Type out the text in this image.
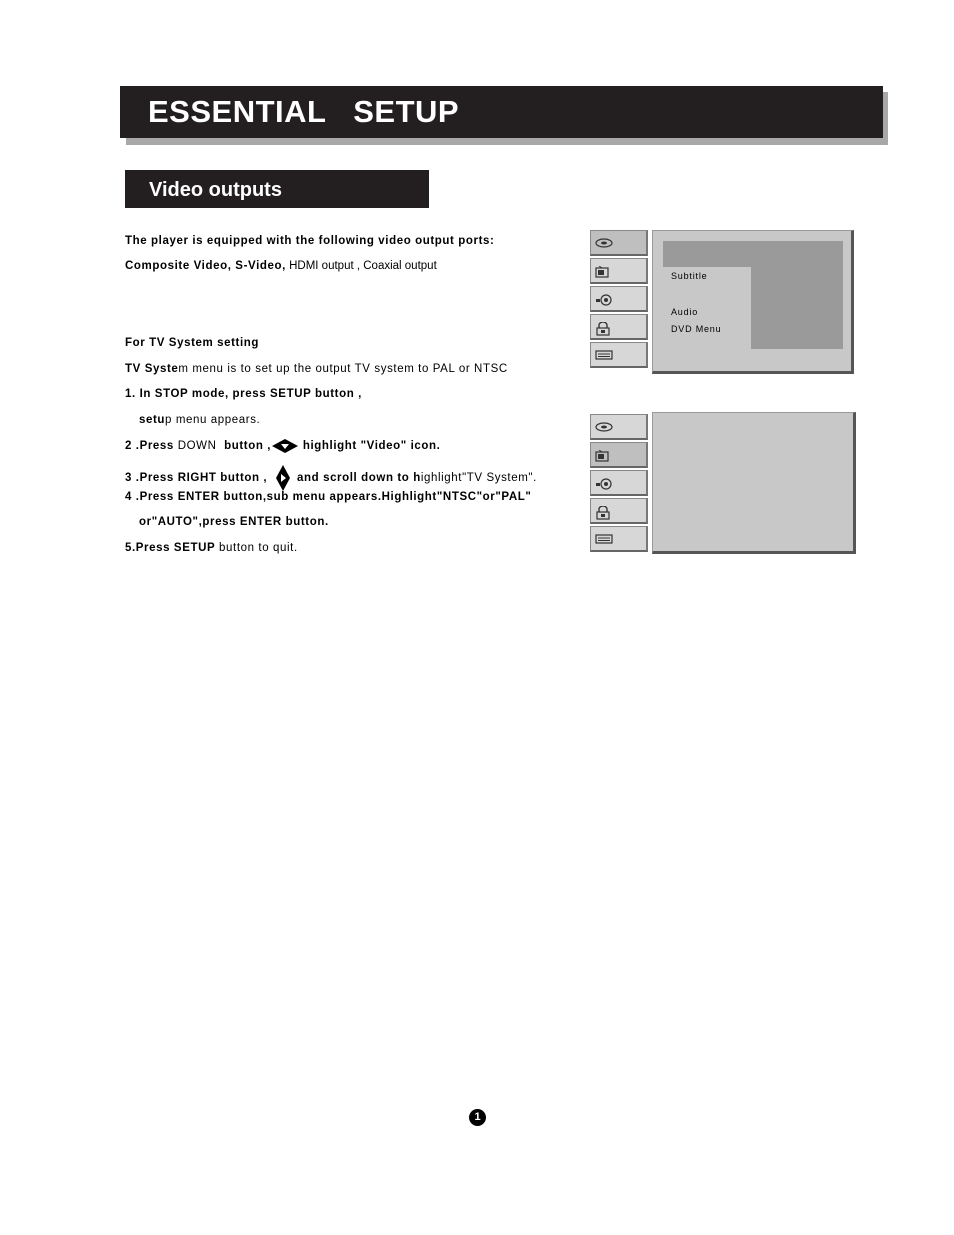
ESSENTIAL   SETUP
Video outputs
The player is equipped with the following video output ports:
Composite Video, S-Video, HDMI output , Coaxial output
For TV System setting
TV System menu is to set up the output TV system to PAL or NTSC
1. In STOP mode, press SETUP button ,
setup menu appears.
2 .Press DOWN  button , highlight "Video" icon.
3 .Press RIGHT button , and scroll down to highlight"TV System".
4 .Press ENTER button,sub menu appears.Highlight"NTSC"or"PAL"
or"AUTO",press ENTER button.
5.Press SETUP button to quit.
Subtitle
Audio
DVD Menu
1
